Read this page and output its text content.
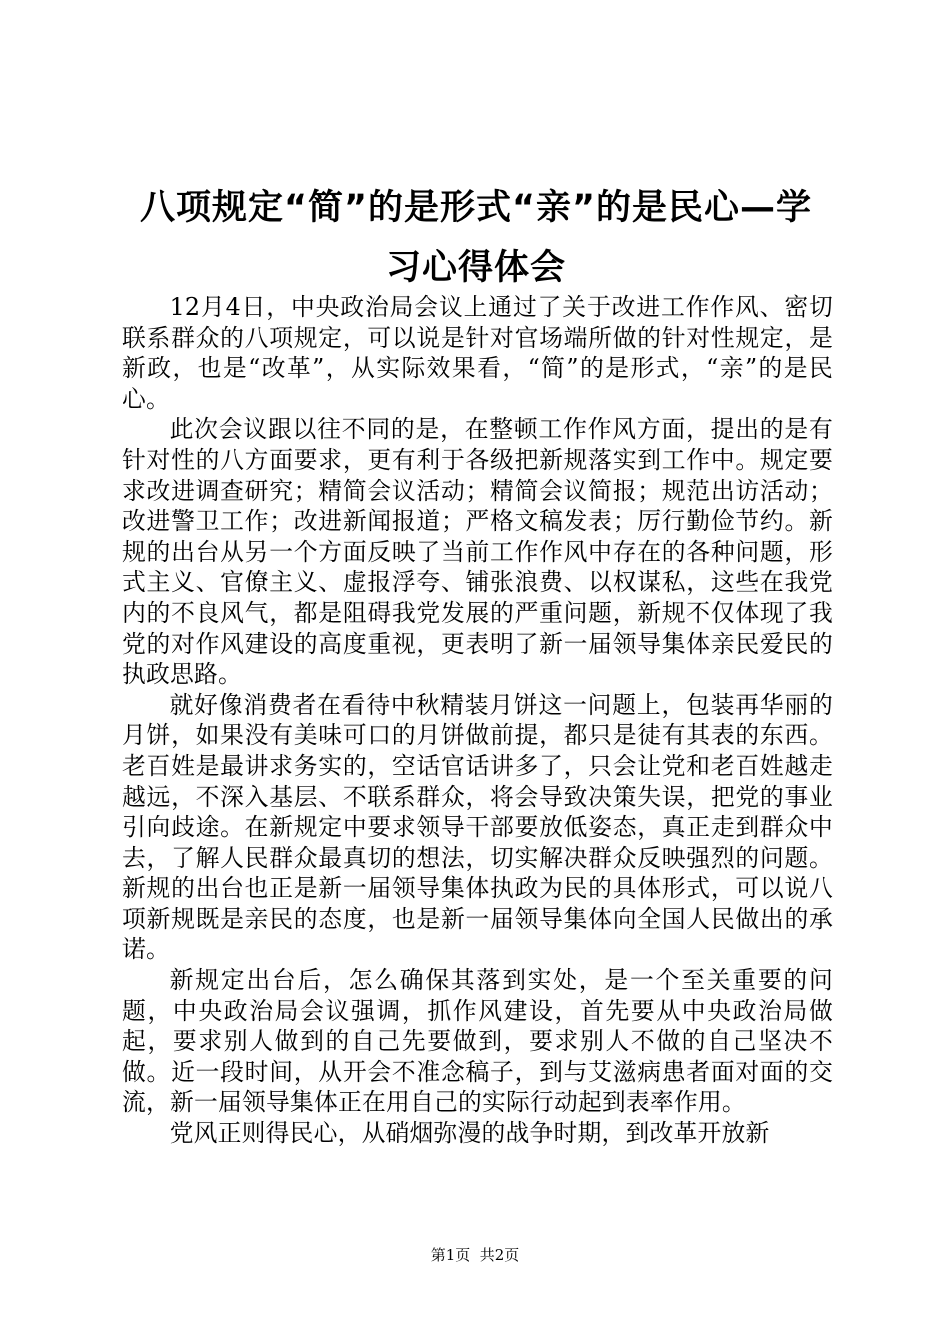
八项规定“简”的是形式“亲”的是民心—学
习心得体会

12月4日，中央政治局会议上通过了关于改进工作作风、密切联系群众的八项规定，可以说是针对官场端所做的针对性规定，是新政，也是“改革”，从实际效果看，“简”的是形式，“亲”的是民心。

此次会议跟以往不同的是，在整顿工作作风方面，提出的是有针对性的八方面要求，更有利于各级把新规落实到工作中。规定要求改进调查研究；精简会议活动；精简会议简报；规范出访活动；改进警卫工作；改进新闻报道；严格文稿发表；厉行勤俭节约。新规的出台从另一个方面反映了当前工作作风中存在的各种问题，形式主义、官僚主义、虚报浮夸、铺张浪费、以权谋私，这些在我党内的不良风气，都是阻碍我党发展的严重问题，新规不仅体现了我党的对作风建设的高度重视，更表明了新一届领导集体亲民爱民的执政思路。

就好像消费者在看待中秋精装月饼这一问题上，包装再华丽的月饼，如果没有美味可口的月饼做前提，都只是徒有其表的东西。老百姓是最讲求务实的，空话官话讲多了，只会让党和老百姓越走越远，不深入基层、不联系群众，将会导致决策失误，把党的事业引向歧途。在新规定中要求领导干部要放低姿态，真正走到群众中去，了解人民群众最真切的想法，切实解决群众反映强烈的问题。新规的出台也正是新一届领导集体执政为民的具体形式，可以说八项新规既是亲民的态度，也是新一届领导集体向全国人民做出的承诺。

新规定出台后，怎么确保其落到实处，是一个至关重要的问题，中央政治局会议强调，抓作风建设，首先要从中央政治局做起，要求别人做到的自己先要做到，要求别人不做的自己坚决不做。近一段时间，从开会不准念稿子，到与艾滋病患者面对面的交流，新一届领导集体正在用自己的实际行动起到表率作用。

党风正则得民心，从硝烟弥漫的战争时期，到改革开放新

第1页  共2页
